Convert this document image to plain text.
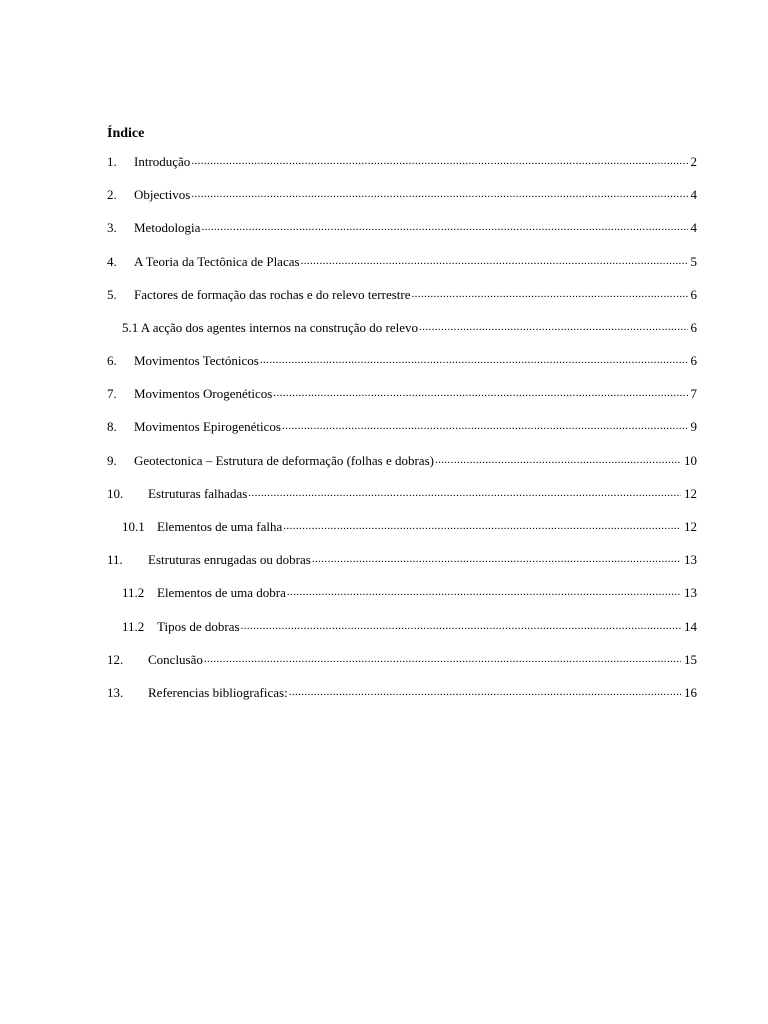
Índice
1.	Introdução .....	2
2.	Objectivos .....	4
3.	Metodologia .....	4
4.	A Teoria da Tectônica de Placas .....	5
5.	Factores de formação das rochas e do relevo terrestre .....	6
5.1 A acção dos agentes internos na construção do relevo .....	6
6.	Movimentos Tectónicos .....	6
7.	Movimentos Orogenéticos .....	7
8.	Movimentos Epirogenéticos .....	9
9.	Geotectonica – Estrutura de deformação (folhas e dobras) .....	10
10.	Estruturas falhadas .....	12
10.1 Elementos de uma falha .....	12
11.	Estruturas enrugadas ou dobras .....	13
11.2 Elementos de uma dobra .....	13
11.2 Tipos de dobras .....	14
12.	Conclusão .....	15
13.	Referencias bibliograficas: .....	16
